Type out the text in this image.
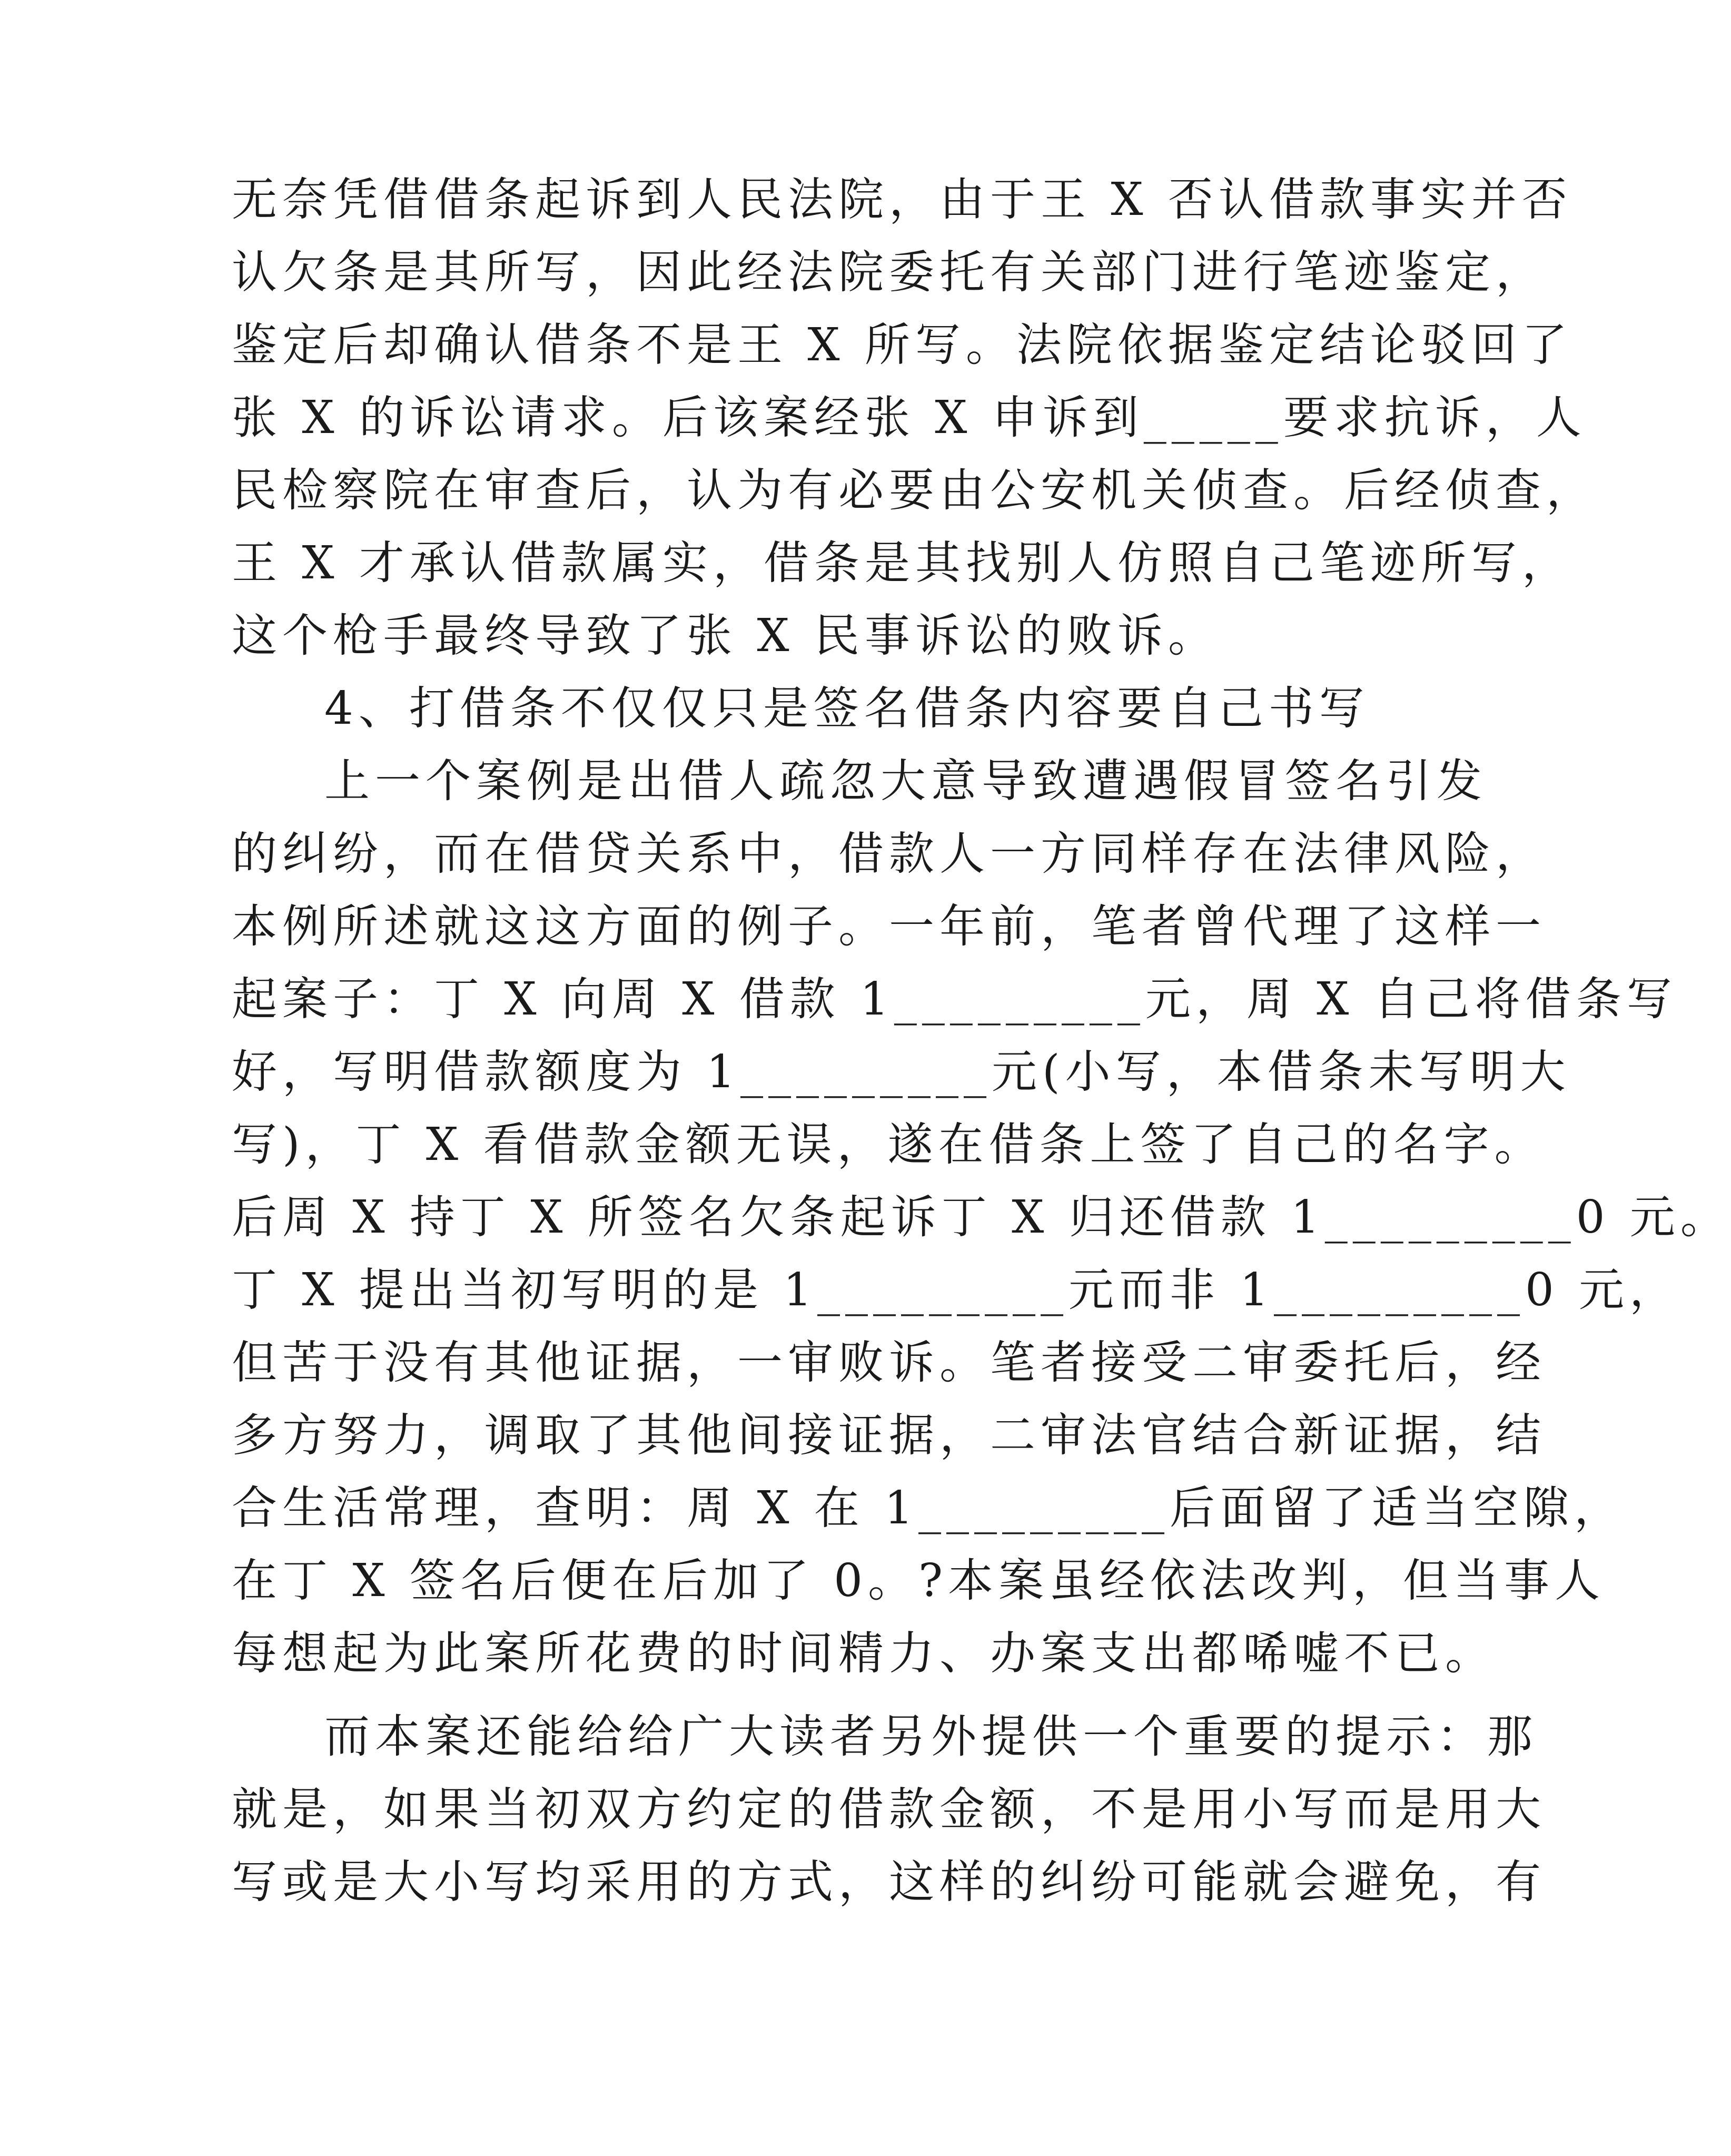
无奈凭借借条起诉到人民法院，由于王 X 否认借款事实并否
认欠条是其所写，因此经法院委托有关部门进行笔迹鉴定，
鉴定后却确认借条不是王 X 所写。法院依据鉴定结论驳回了
张 X 的诉讼请求。后该案经张 X 申诉到_____要求抗诉，人
民检察院在审查后，认为有必要由公安机关侦查。后经侦查，
王 X 才承认借款属实，借条是其找别人仿照自己笔迹所写，
这个枪手最终导致了张 X 民事诉讼的败诉。
4、打借条不仅仅只是签名借条内容要自己书写
上一个案例是出借人疏忽大意导致遭遇假冒签名引发
的纠纷，而在借贷关系中，借款人一方同样存在法律风险，
本例所述就这这方面的例子。一年前，笔者曾代理了这样一
起案子：丁 X 向周 X 借款 1_________元，周 X 自己将借条写
好，写明借款额度为 1_________元(小写，本借条未写明大
写)，丁 X 看借款金额无误，遂在借条上签了自己的名字。
后周 X 持丁 X 所签名欠条起诉丁 X 归还借款 1_________0 元。
丁 X 提出当初写明的是 1_________元而非 1_________0 元，
但苦于没有其他证据，一审败诉。笔者接受二审委托后，经
多方努力，调取了其他间接证据，二审法官结合新证据，结
合生活常理，查明：周 X 在 1_________后面留了适当空隙，
在丁 X 签名后便在后加了 0。?本案虽经依法改判，但当事人
每想起为此案所花费的时间精力、办案支出都唏嘘不已。
而本案还能给给广大读者另外提供一个重要的提示：那
就是，如果当初双方约定的借款金额，不是用小写而是用大
写或是大小写均采用的方式，这样的纠纷可能就会避免，有
